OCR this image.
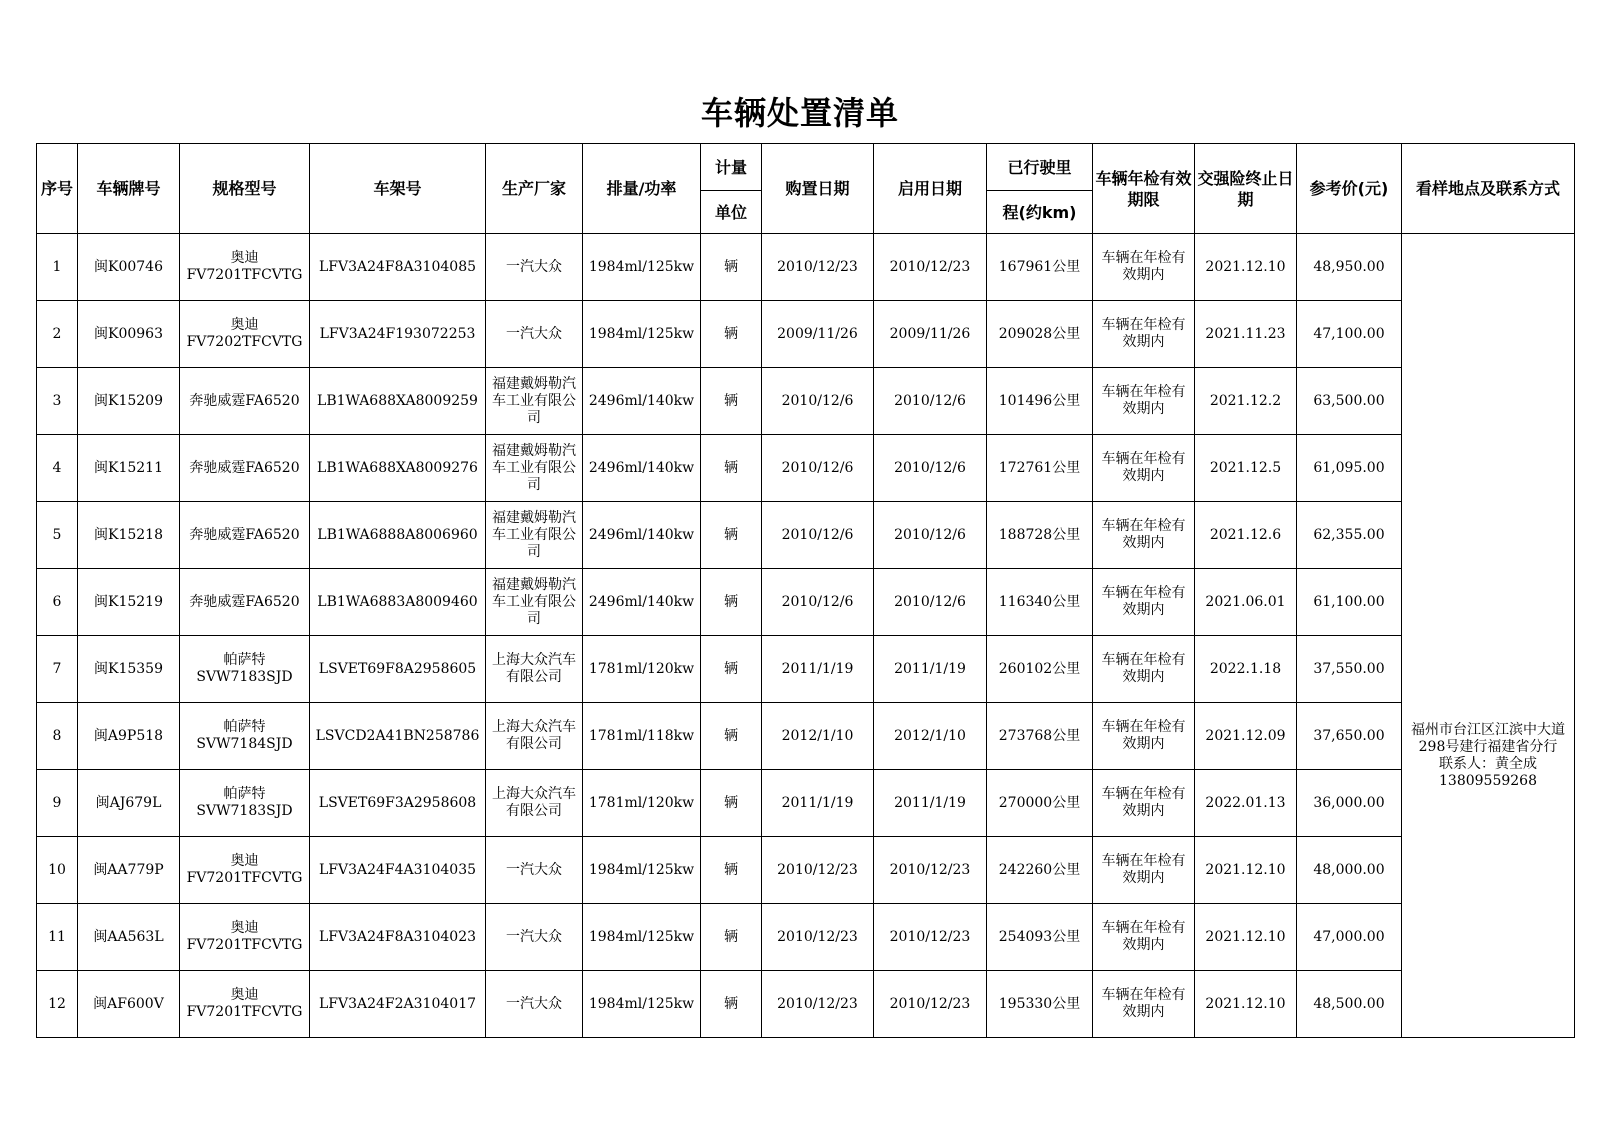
车辆处置清单
序号	车辆牌号	规格型号	车架号	生产厂家	排量/功率	计量	购置日期	启用日期	已行驶里	车辆年检有效期限	交强险终止日期	参考价(元)	看样地点及联系方式
						单位			程(约km)				
1	闽K00746	奥迪
FV7201TFCVTG	LFV3A24F8A3104085	一汽大众	1984ml/125kw	辆	2010/12/23	2010/12/23	167961公里	车辆在年检有效期内	2021.12.10	48,950.00	福州市台江区江滨中大道298号建行福建省分行
联系人：黄全成
13809559268

2	闽K00963	奥迪
FV7202TFCVTG	LFV3A24F193072253	一汽大众	1984ml/125kw	辆	2009/11/26	2009/11/26	209028公里	车辆在年检有效期内	2021.11.23	47,100.00	
3	闽K15209	奔驰威霆FA6520	LB1WA688XA8009259	福建戴姆勒汽车工业有限公司	2496ml/140kw	辆	2010/12/6	2010/12/6	101496公里	车辆在年检有效期内	2021.12.2	63,500.00	
4	闽K15211	奔驰威霆FA6520	LB1WA688XA8009276	福建戴姆勒汽车工业有限公司	2496ml/140kw	辆	2010/12/6	2010/12/6	172761公里	车辆在年检有效期内	2021.12.5	61,095.00	
5	闽K15218	奔驰威霆FA6520	LB1WA6888A8006960	福建戴姆勒汽车工业有限公司	2496ml/140kw	辆	2010/12/6	2010/12/6	188728公里	车辆在年检有效期内	2021.12.6	62,355.00	
6	闽K15219	奔驰威霆FA6520	LB1WA6883A8009460	福建戴姆勒汽车工业有限公司	2496ml/140kw	辆	2010/12/6	2010/12/6	116340公里	车辆在年检有效期内	2021.06.01	61,100.00	
7	闽K15359	帕萨特
SVW7183SJD	LSVET69F8A2958605	上海大众汽车有限公司	1781ml/120kw	辆	2011/1/19	2011/1/19	260102公里	车辆在年检有效期内	2022.1.18	37,550.00	
8	闽A9P518	帕萨特
SVW7184SJD	LSVCD2A41BN258786	上海大众汽车有限公司	1781ml/118kw	辆	2012/1/10	2012/1/10	273768公里	车辆在年检有效期内	2021.12.09	37,650.00	
9	闽AJ679L	帕萨特
SVW7183SJD	LSVET69F3A2958608	上海大众汽车有限公司	1781ml/120kw	辆	2011/1/19	2011/1/19	270000公里	车辆在年检有效期内	2022.01.13	36,000.00	
10	闽AA779P	奥迪
FV7201TFCVTG	LFV3A24F4A3104035	一汽大众	1984ml/125kw	辆	2010/12/23	2010/12/23	242260公里	车辆在年检有效期内	2021.12.10	48,000.00	
11	闽AA563L	奥迪
FV7201TFCVTG	LFV3A24F8A3104023	一汽大众	1984ml/125kw	辆	2010/12/23	2010/12/23	254093公里	车辆在年检有效期内	2021.12.10	47,000.00	
12	闽AF600V	奥迪
FV7201TFCVTG	LFV3A24F2A3104017	一汽大众	1984ml/125kw	辆	2010/12/23	2010/12/23	195330公里	车辆在年检有效期内	2021.12.10	48,500.00	
